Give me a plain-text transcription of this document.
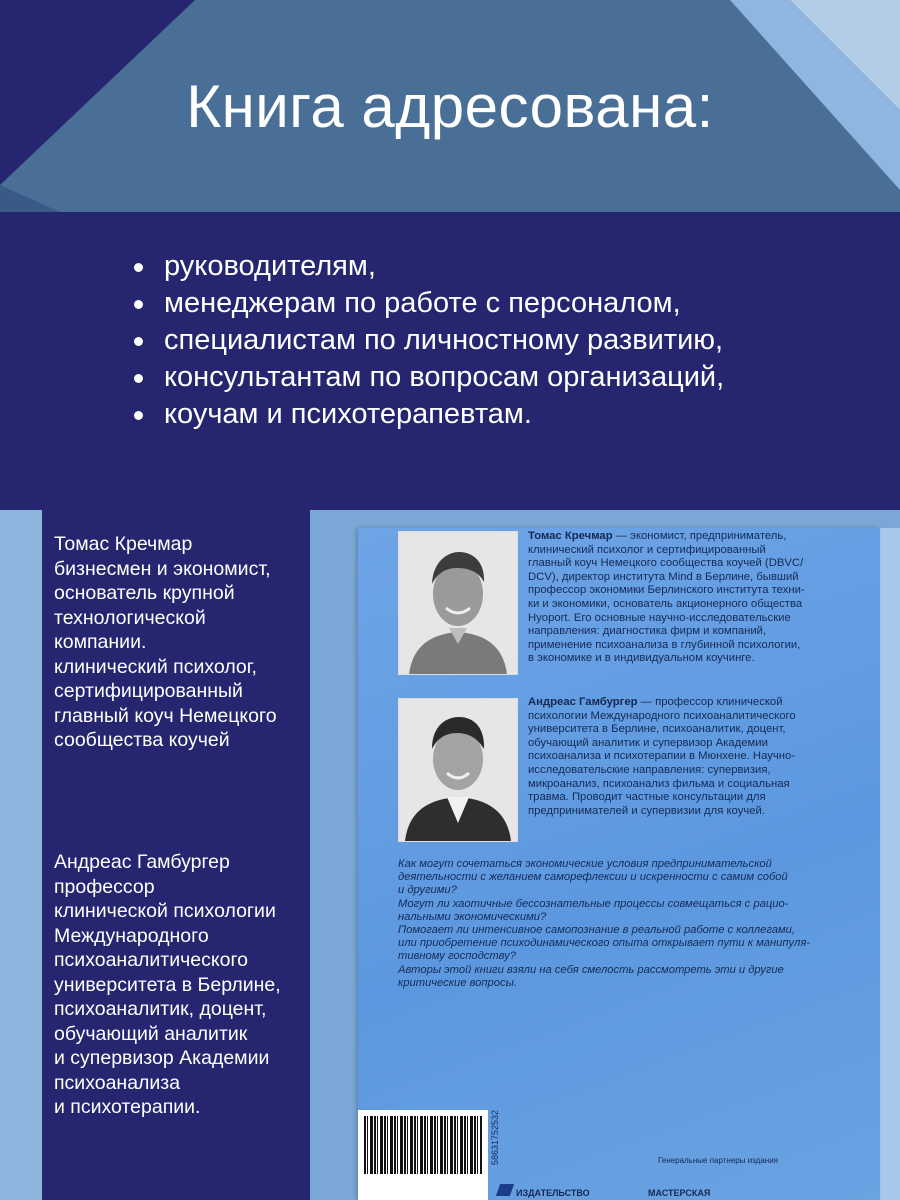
Книга адресована:
руководителям,
менеджерам по работе с персоналом,
специалистам по личностному развитию,
консультантам по вопросам организаций,
коучам и психотерапевтам.
Томас Кречмар
бизнесмен и экономист,
основатель крупной
технологической
компании.
клинический психолог,
сертифицированный
главный коуч Немецкого
сообщества коучей
Андреас Гамбургер
профессор
клинической психологии
Международного
психоаналитического
университета в Берлине,
психоаналитик, доцент,
обучающий аналитик
и супервизор Академии
психоанализа
и психотерапии.
Томас Кречмар — экономист, предприниматель,
клинический психолог и сертифицированный
главный коуч Немецкого сообщества коучей (DBVC/
DCV), директор института Mind в Берлине, бывший
профессор экономики Берлинского института техни-
ки и экономики, основатель акционерного общества
Hyoport. Его основные научно-исследовательские
направления: диагностика фирм и компаний,
применение психоанализа в глубинной психологии,
в экономике и в индивидуальном коучинге.
Андреас Гамбургер — профессор клинической
психологии Международного психоаналитического
университета в Берлине, психоаналитик, доцент,
обучающий аналитик и супервизор Академии
психоанализа и психотерапии в Мюнхене. Научно-
исследовательские направления: супервизия,
микроанализ, психоанализ фильма и социальная
травма. Проводит частные консультации для
предпринимателей и супервизии для коучей.
Как могут сочетаться экономические условия предпринимательской
деятельности с желанием саморефлексии и искренности с самим собой
и другими?
Могут ли хаотичные бессознательные процессы совмещаться с рацио-
нальными экономическими?
Помогает ли интенсивное самопознание в реальной работе с коллегами,
или приобретение психодинамического опыта открывает пути к манипуля-
тивному господству?
Авторы этой книги взяли на себя смелость рассмотреть эти и другие
критические вопросы.
58631752532	Генеральные партнеры издания
ИЗДАТЕЛЬСТВО	МАСТЕРСКАЯ
